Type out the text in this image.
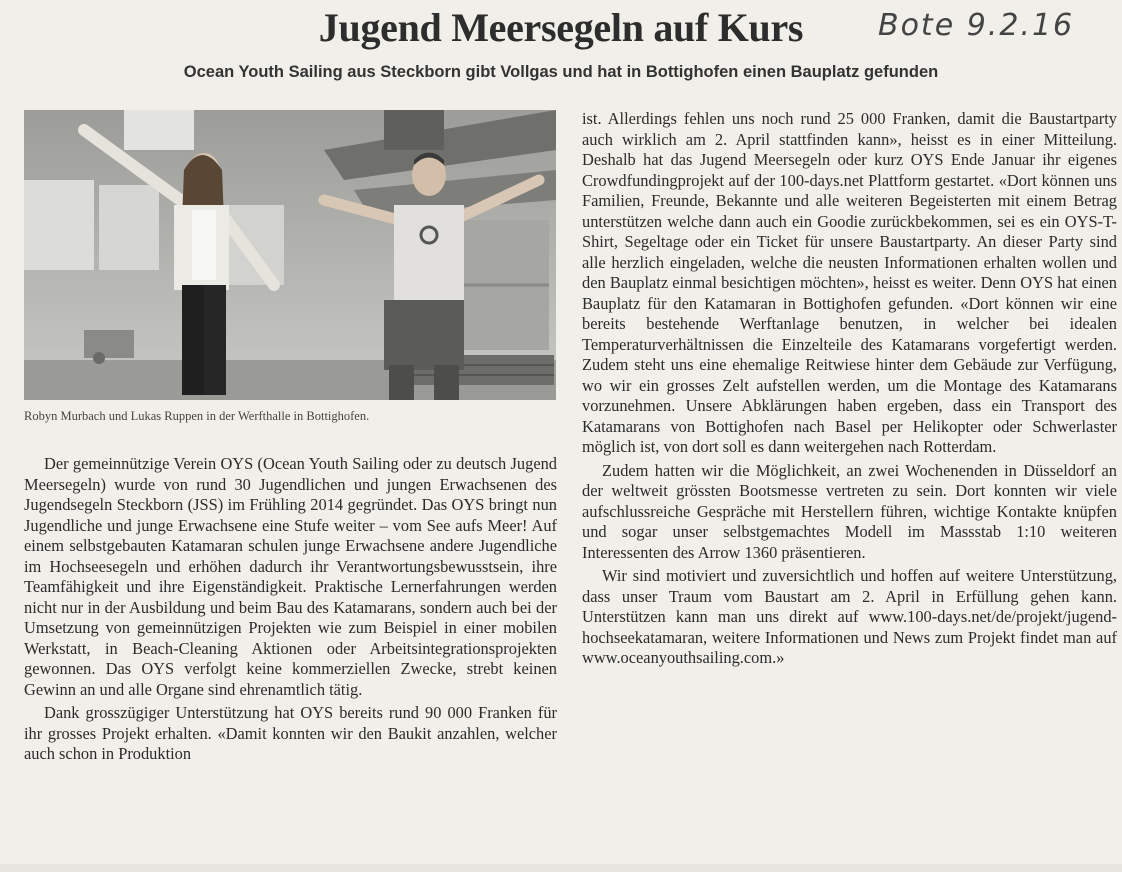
Jugend Meersegeln auf Kurs	Bote 9.2.16
Ocean Youth Sailing aus Steckborn gibt Vollgas und hat in Bottighofen einen Bauplatz gefunden
Robyn Murbach und Lukas Ruppen in der Werfthalle in Bottighofen.

Der gemeinnützige Verein OYS (Ocean Youth Sailing oder zu deutsch Jugend Meersegeln) wurde von rund 30 Jugendlichen und jungen Erwachsenen des Jugendsegeln Steckborn (JSS) im Frühling 2014 gegründet. Das OYS bringt nun Jugendliche und junge Erwachsene eine Stufe weiter – vom See aufs Meer! Auf einem selbstgebauten Katamaran schulen junge Erwachsene andere Jugendliche im Hochseesegeln und erhöhen dadurch ihr Verantwortungsbewusstsein, ihre Teamfähigkeit und ihre Eigenständigkeit. Praktische Lernerfahrungen werden nicht nur in der Ausbildung und beim Bau des Katamarans, sondern auch bei der Umsetzung von gemeinnützigen Projekten wie zum Beispiel in einer mobilen Werkstatt, in Beach-Cleaning Aktionen oder Arbeitsintegrationsprojekten gewonnen. Das OYS verfolgt keine kommerziellen Zwecke, strebt keinen Gewinn an und alle Organe sind ehrenamtlich tätig.

Dank grosszügiger Unterstützung hat OYS bereits rund 90 000 Franken für ihr grosses Projekt erhalten. «Damit konnten wir den Baukit anzahlen, welcher auch schon in Produktion

ist. Allerdings fehlen uns noch rund 25 000 Franken, damit die Baustartparty auch wirklich am 2. April stattfinden kann», heisst es in einer Mitteilung. Deshalb hat das Jugend Meersegeln oder kurz OYS Ende Januar ihr eigenes Crowdfundingprojekt auf der 100-days.net Plattform gestartet. «Dort können uns Familien, Freunde, Bekannte und alle weiteren Begeisterten mit einem Betrag unterstützen welche dann auch ein Goodie zurückbekommen, sei es ein OYS-T-Shirt, Segeltage oder ein Ticket für unsere Baustartparty. An dieser Party sind alle herzlich eingeladen, welche die neusten Informationen erhalten wollen und den Bauplatz einmal besichtigen möchten», heisst es weiter. Denn OYS hat einen Bauplatz für den Katamaran in Bottighofen gefunden. «Dort können wir eine bereits bestehende Werftanlage benutzen, in welcher bei idealen Temperaturverhältnissen die Einzelteile des Katamarans vorgefertigt werden. Zudem steht uns eine ehemalige Reitwiese hinter dem Gebäude zur Verfügung, wo wir ein grosses Zelt aufstellen werden, um die Montage des Katamarans vorzunehmen. Unsere Abklärungen haben ergeben, dass ein Transport des Katamarans von Bottighofen nach Basel per Helikopter oder Schwerlaster möglich ist, von dort soll es dann weitergehen nach Rotterdam.

Zudem hatten wir die Möglichkeit, an zwei Wochenenden in Düsseldorf an der weltweit grössten Bootsmesse vertreten zu sein. Dort konnten wir viele aufschlussreiche Gespräche mit Herstellern führen, wichtige Kontakte knüpfen und sogar unser selbstgemachtes Modell im Massstab 1:10 weiteren Interessenten des Arrow 1360 präsentieren.

Wir sind motiviert und zuversichtlich und hoffen auf weitere Unterstützung, dass unser Traum vom Baustart am 2. April in Erfüllung gehen kann. Unterstützen kann man uns direkt auf www.100-days.net/de/projekt/jugend-hochseekatamaran, weitere Informationen und News zum Projekt findet man auf www.oceanyouthsailing.com.»
